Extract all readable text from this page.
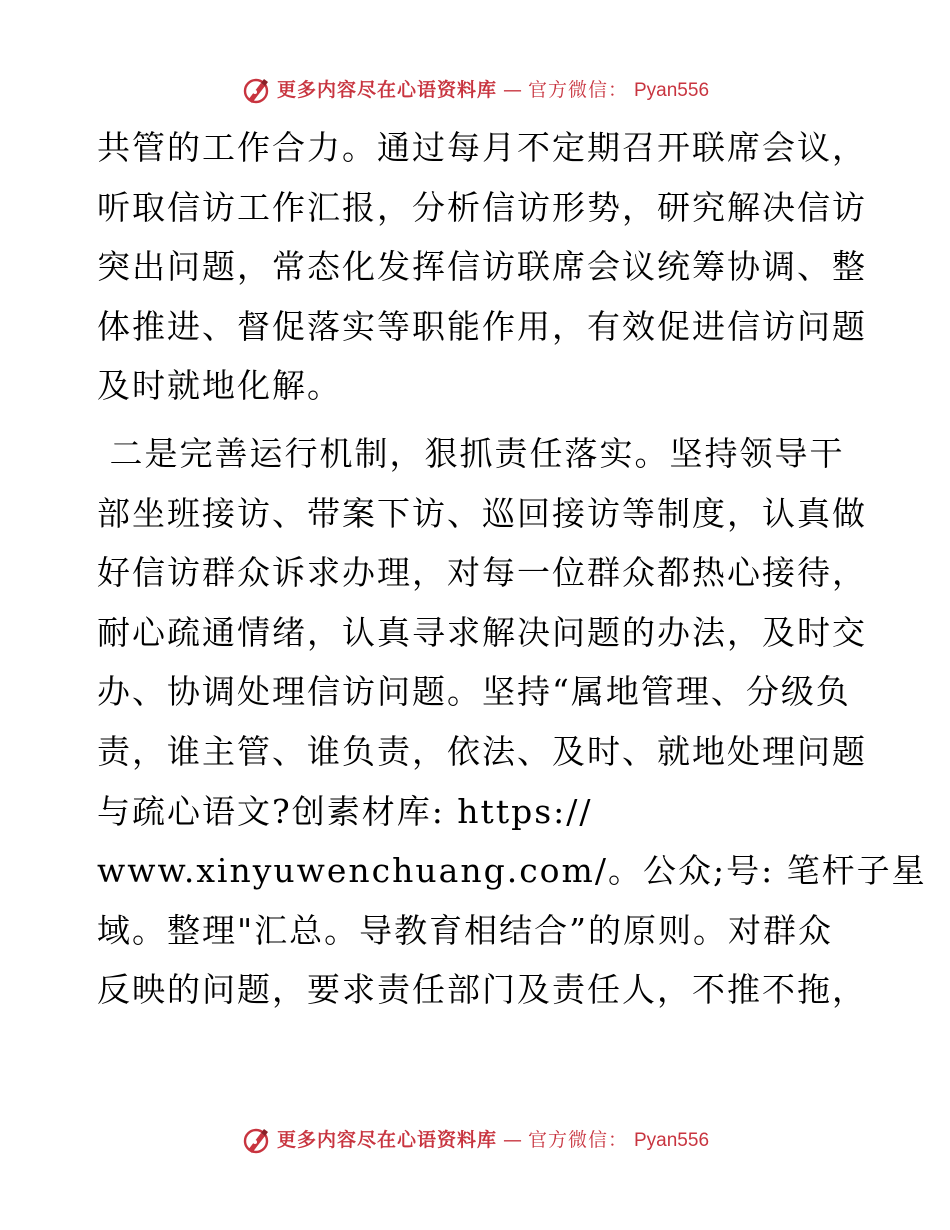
更多内容尽在心语资料库 — 官方微信： Pyan556
共管的工作合力。通过每月不定期召开联席会议，
听取信访工作汇报，分析信访形势，研究解决信访
突出问题，常态化发挥信访联席会议统筹协调、整
体推进、督促落实等职能作用，有效促进信访问题
及时就地化解。
二是完善运行机制，狠抓责任落实。坚持领导干
部坐班接访、带案下访、巡回接访等制度，认真做
好信访群众诉求办理，对每一位群众都热心接待，
耐心疏通情绪，认真寻求解决问题的办法，及时交
办、协调处理信访问题。坚持“属地管理、分级负
责，谁主管、谁负责，依法、及时、就地处理问题
与疏心语文?创素材库: https://
www.xinyuwenchuang.com/。公众;号: 笔杆子星
域。整理"汇总。导教育相结合”的原则。对群众
反映的问题，要求责任部门及责任人，不推不拖，
更多内容尽在心语资料库 — 官方微信： Pyan556
